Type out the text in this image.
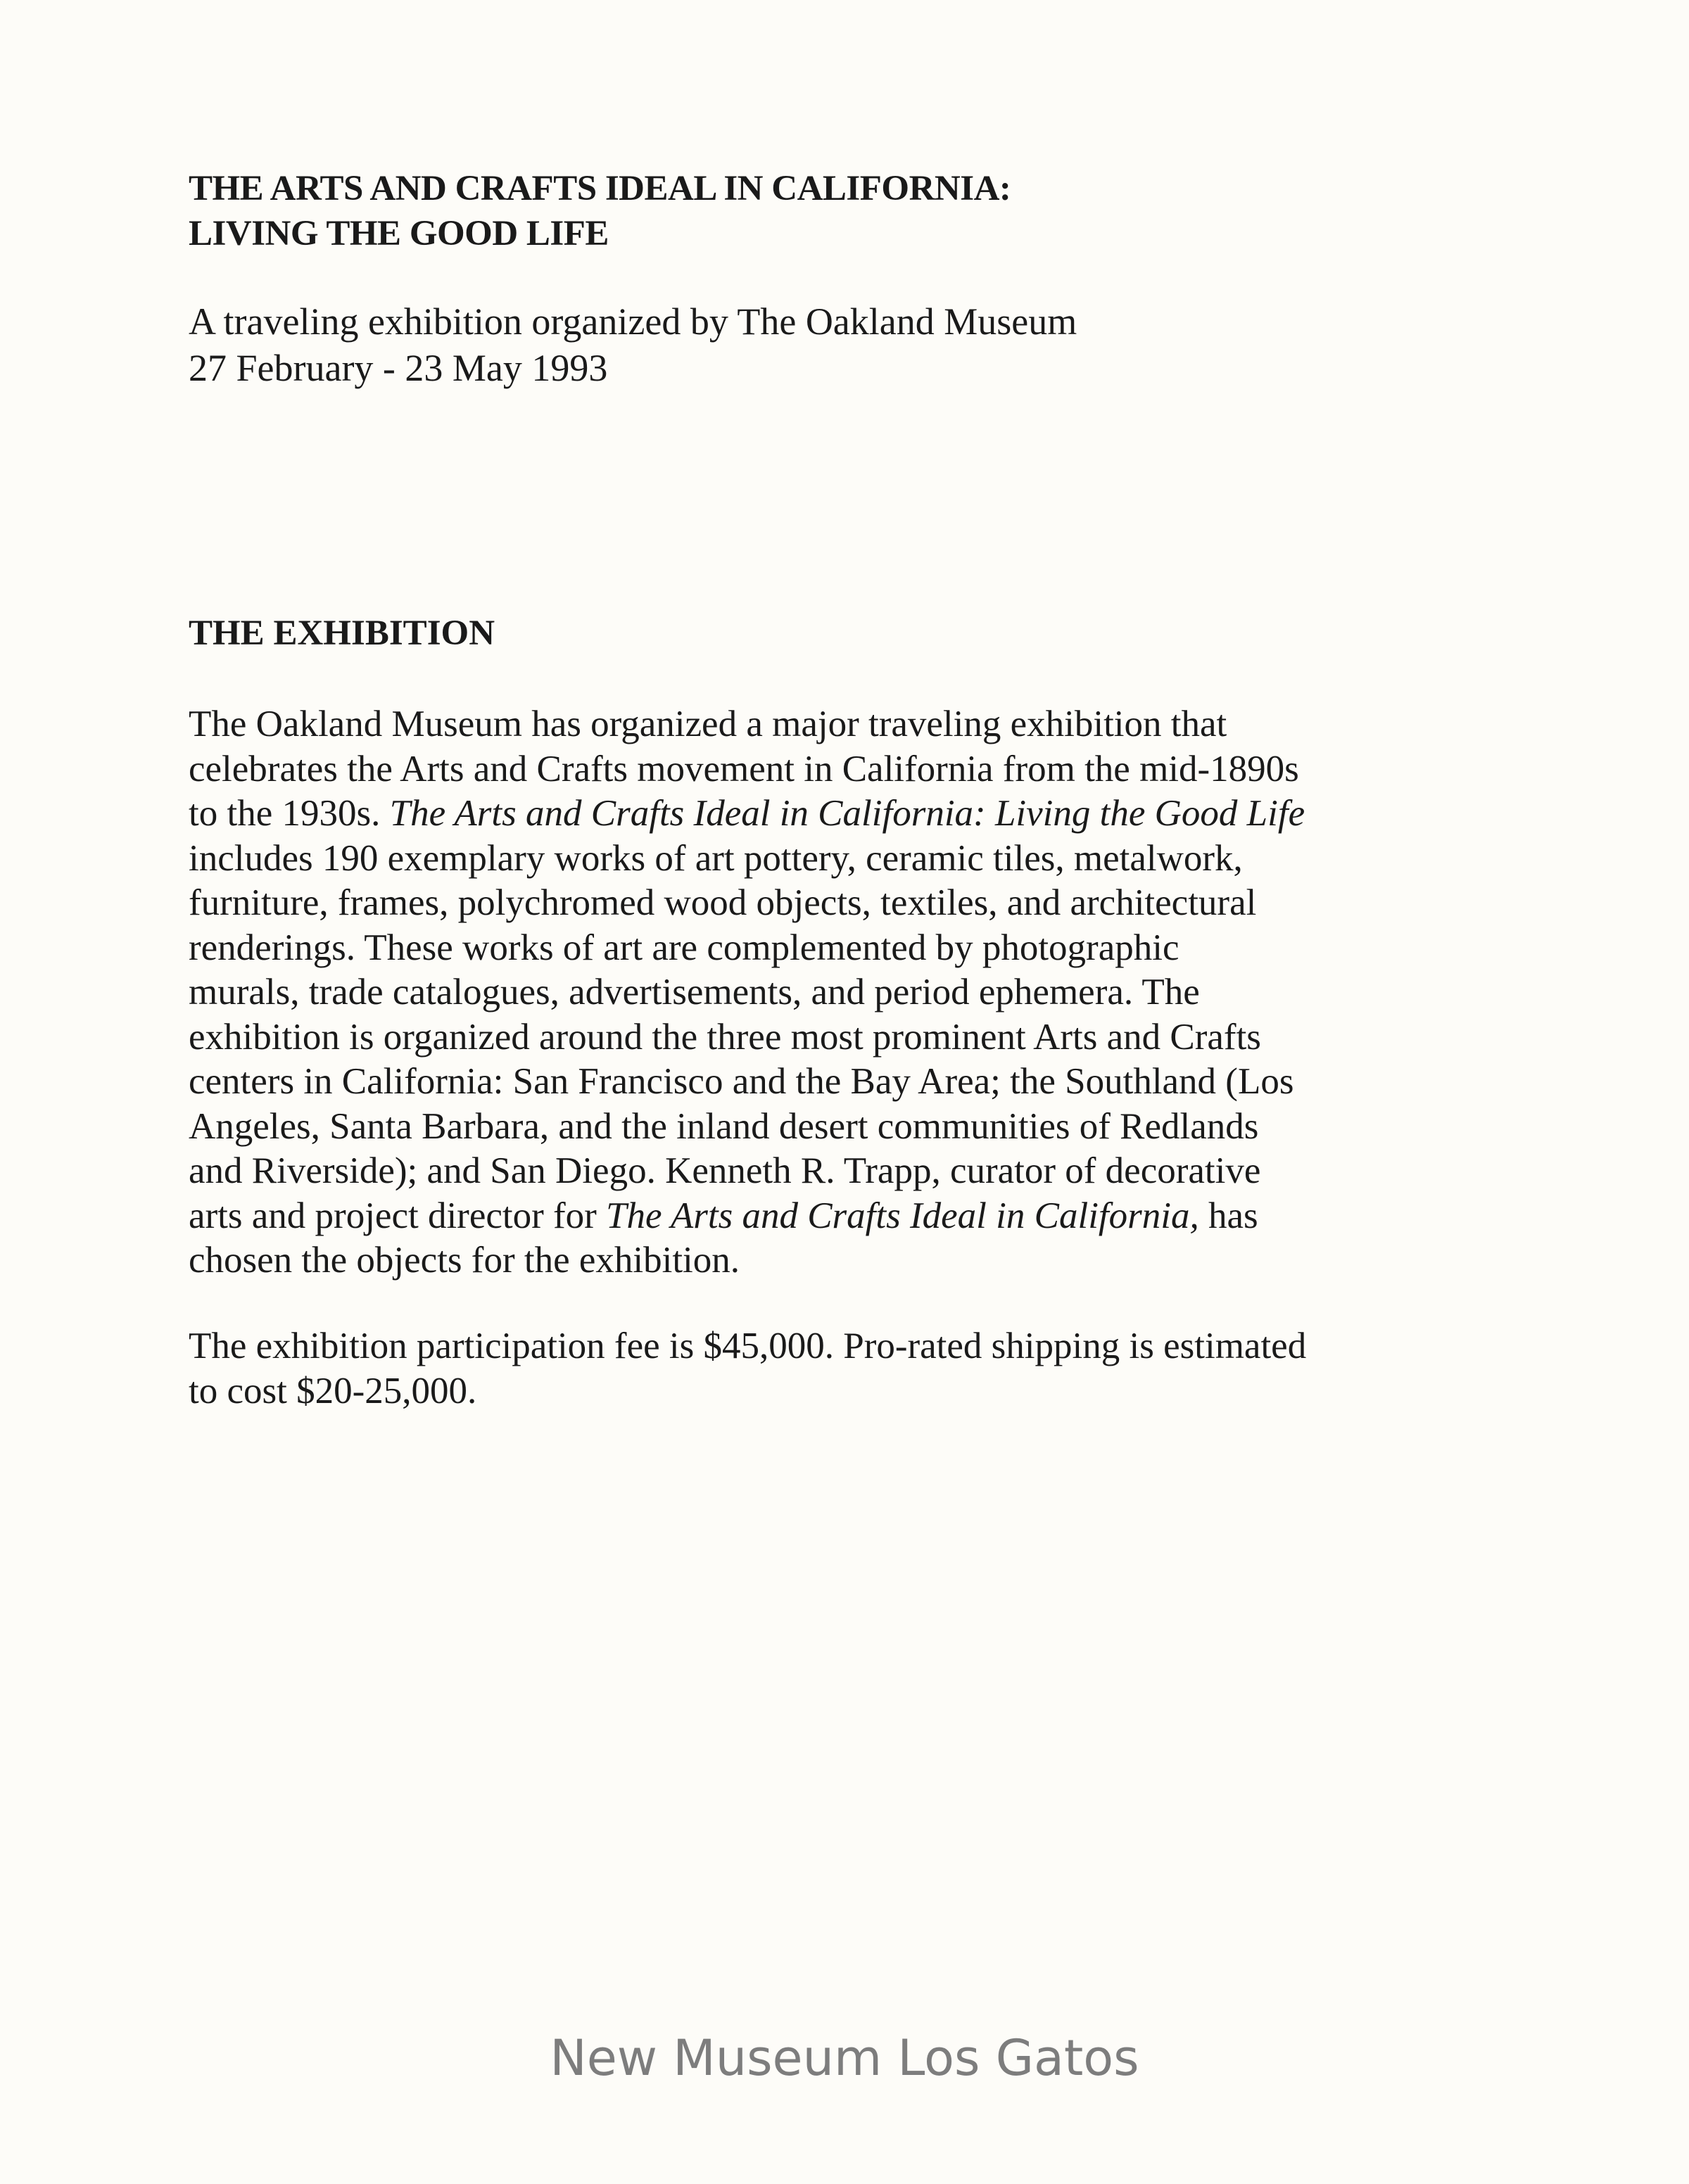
THE ARTS AND CRAFTS IDEAL IN CALIFORNIA:
LIVING THE GOOD LIFE

A traveling exhibition organized by The Oakland Museum
27 February - 23 May 1993

THE EXHIBITION

The Oakland Museum has organized a major traveling exhibition that
celebrates the Arts and Crafts movement in California from the mid-1890s
to the 1930s. The Arts and Crafts Ideal in California: Living the Good Life
includes 190 exemplary works of art pottery, ceramic tiles, metalwork,
furniture, frames, polychromed wood objects, textiles, and architectural
renderings. These works of art are complemented by photographic
murals, trade catalogues, advertisements, and period ephemera. The
exhibition is organized around the three most prominent Arts and Crafts
centers in California: San Francisco and the Bay Area; the Southland (Los
Angeles, Santa Barbara, and the inland desert communities of Redlands
and Riverside); and San Diego. Kenneth R. Trapp, curator of decorative
arts and project director for The Arts and Crafts Ideal in California, has
chosen the objects for the exhibition.

The exhibition participation fee is $45,000. Pro-rated shipping is estimated
to cost $20-25,000.

New Museum Los Gatos
